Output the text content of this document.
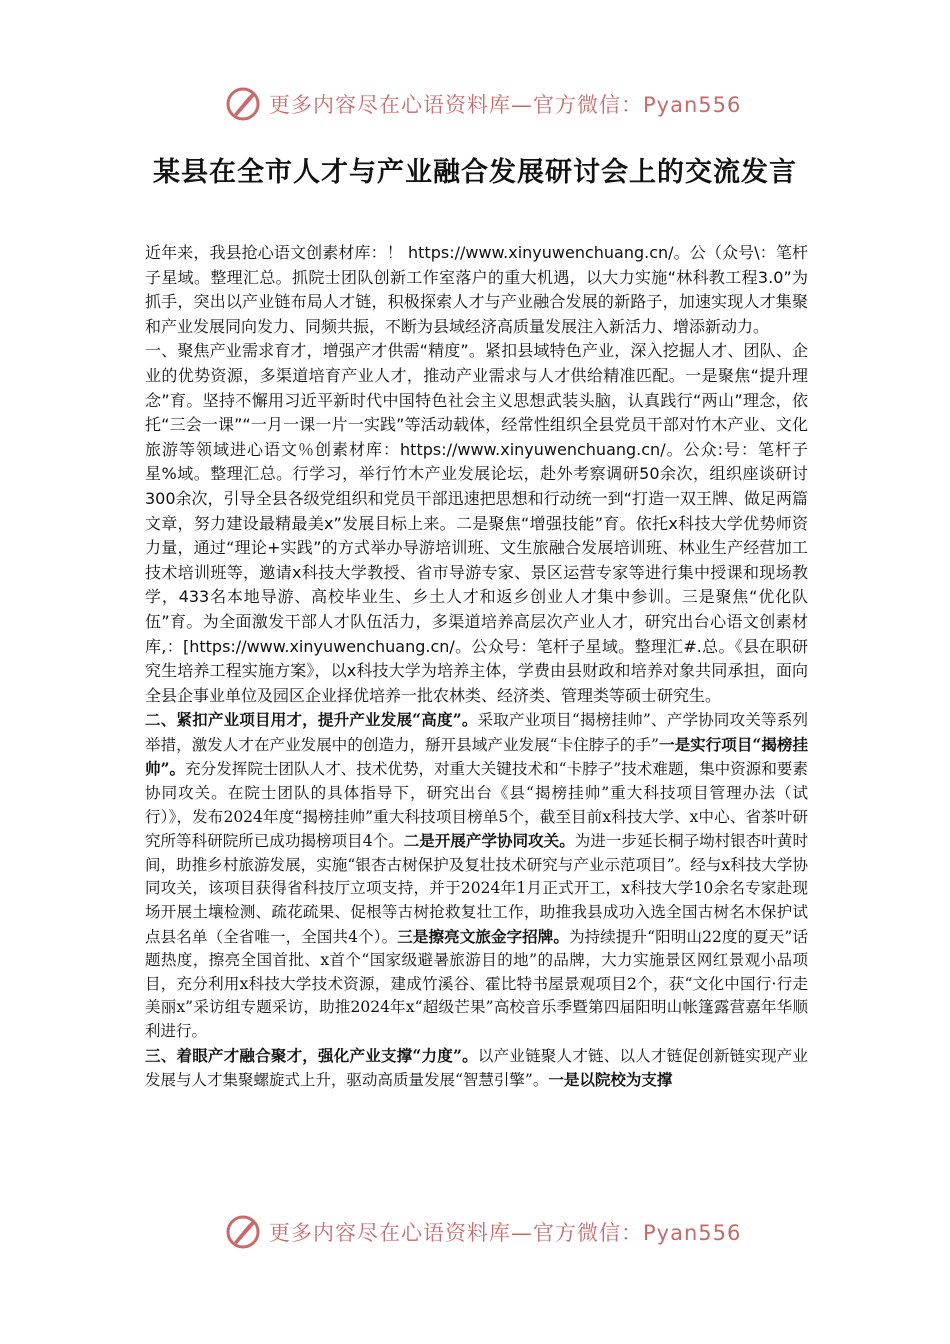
更多内容尽在心语资料库—官方微信：Pyan556
某县在全市人才与产业融合发展研讨会上的交流发言

近年来，我县抢心语文创素材库：！ https://www.xinyuwenchuang.cn/。公（众号\：笔杆子星域。整理汇总。抓院士团队创新工作室落户的重大机遇，以大力实施“林科教工程3.0”为抓手，突出以产业链布局人才链，积极探索人才与产业融合发展的新路子，加速实现人才集聚和产业发展同向发力、同频共振，不断为县域经济高质量发展注入新活力、增添新动力。

一、聚焦产业需求育才，增强产才供需“精度”。紧扣县域特色产业，深入挖掘人才、团队、企业的优势资源，多渠道培育产业人才，推动产业需求与人才供给精准匹配。一是聚焦“提升理念”育。坚持不懈用习近平新时代中国特色社会主义思想武装头脑，认真践行“两山”理念，依托“三会一课”“一月一课一片一实践”等活动载体，经常性组织全县党员干部对竹木产业、文化旅游等领域进心语文％创素材库：https://www.xinyuwenchuang.cn/。公众:号：笔杆子星%域。整理汇总。行学习，举行竹木产业发展论坛，赴外考察调研50余次，组织座谈研讨300余次，引导全县各级党组织和党员干部迅速把思想和行动统一到“打造一双王牌、做足两篇文章，努力建设最精最美x”发展目标上来。二是聚焦“增强技能”育。依托x科技大学优势师资力量，通过“理论+实践”的方式举办导游培训班、文生旅融合发展培训班、林业生产经营加工技术培训班等，邀请x科技大学教授、省市导游专家、景区运营专家等进行集中授课和现场教学，433名本地导游、高校毕业生、乡土人才和返乡创业人才集中参训。三是聚焦“优化队伍”育。为全面激发干部人才队伍活力，多渠道培养高层次产业人才，研究出台心语文创素材库,：[https://www.xinyuwenchuang.cn/。公众号：笔杆子星域。整理汇#.总。《县在职研究生培养工程实施方案》，以x科技大学为培养主体，学费由县财政和培养对象共同承担，面向全县企事业单位及园区企业择优培养一批农林类、经济类、管理类等硕士研究生。

二、紧扣产业项目用才，提升产业发展“高度”。采取产业项目“揭榜挂帅”、产学协同攻关等系列举措，激发人才在产业发展中的创造力，掰开县域产业发展“卡住脖子的手”一是实行项目“揭榜挂帅”。充分发挥院士团队人才、技术优势，对重大关键技术和“卡脖子”技术难题，集中资源和要素协同攻关。在院士团队的具体指导下，研究出台《县“揭榜挂帅”重大科技项目管理办法（试行）》，发布2024年度“揭榜挂帅”重大科技项目榜单5个，截至目前x科技大学、x中心、省茶叶研究所等科研院所已成功揭榜项目4个。二是开展产学协同攻关。为进一步延长桐子坳村银杏叶黄时间，助推乡村旅游发展，实施“银杏古树保护及复壮技术研究与产业示范项目”。经与x科技大学协同攻关，该项目获得省科技厅立项支持，并于2024年1月正式开工，x科技大学10余名专家赴现场开展土壤检测、疏花疏果、促根等古树抢救复壮工作，助推我县成功入选全国古树名木保护试点县名单（全省唯一，全国共4个）。三是擦亮文旅金字招牌。为持续提升“阳明山22度的夏天”话题热度，擦亮全国首批、x首个“国家级避暑旅游目的地”的品牌，大力实施景区网红景观小品项目，充分利用x科技大学技术资源，建成竹溪谷、霍比特书屋景观项目2个，获“文化中国行·行走美丽x”采访组专题采访，助推2024年x“超级芒果”高校音乐季暨第四届阳明山帐篷露营嘉年华顺利进行。

三、着眼产才融合聚才，强化产业支撑“力度”。以产业链聚人才链、以人才链促创新链实现产业发展与人才集聚螺旋式上升，驱动高质量发展“智慧引擎”。一是以院校为支撑

更多内容尽在心语资料库—官方微信：Pyan556
